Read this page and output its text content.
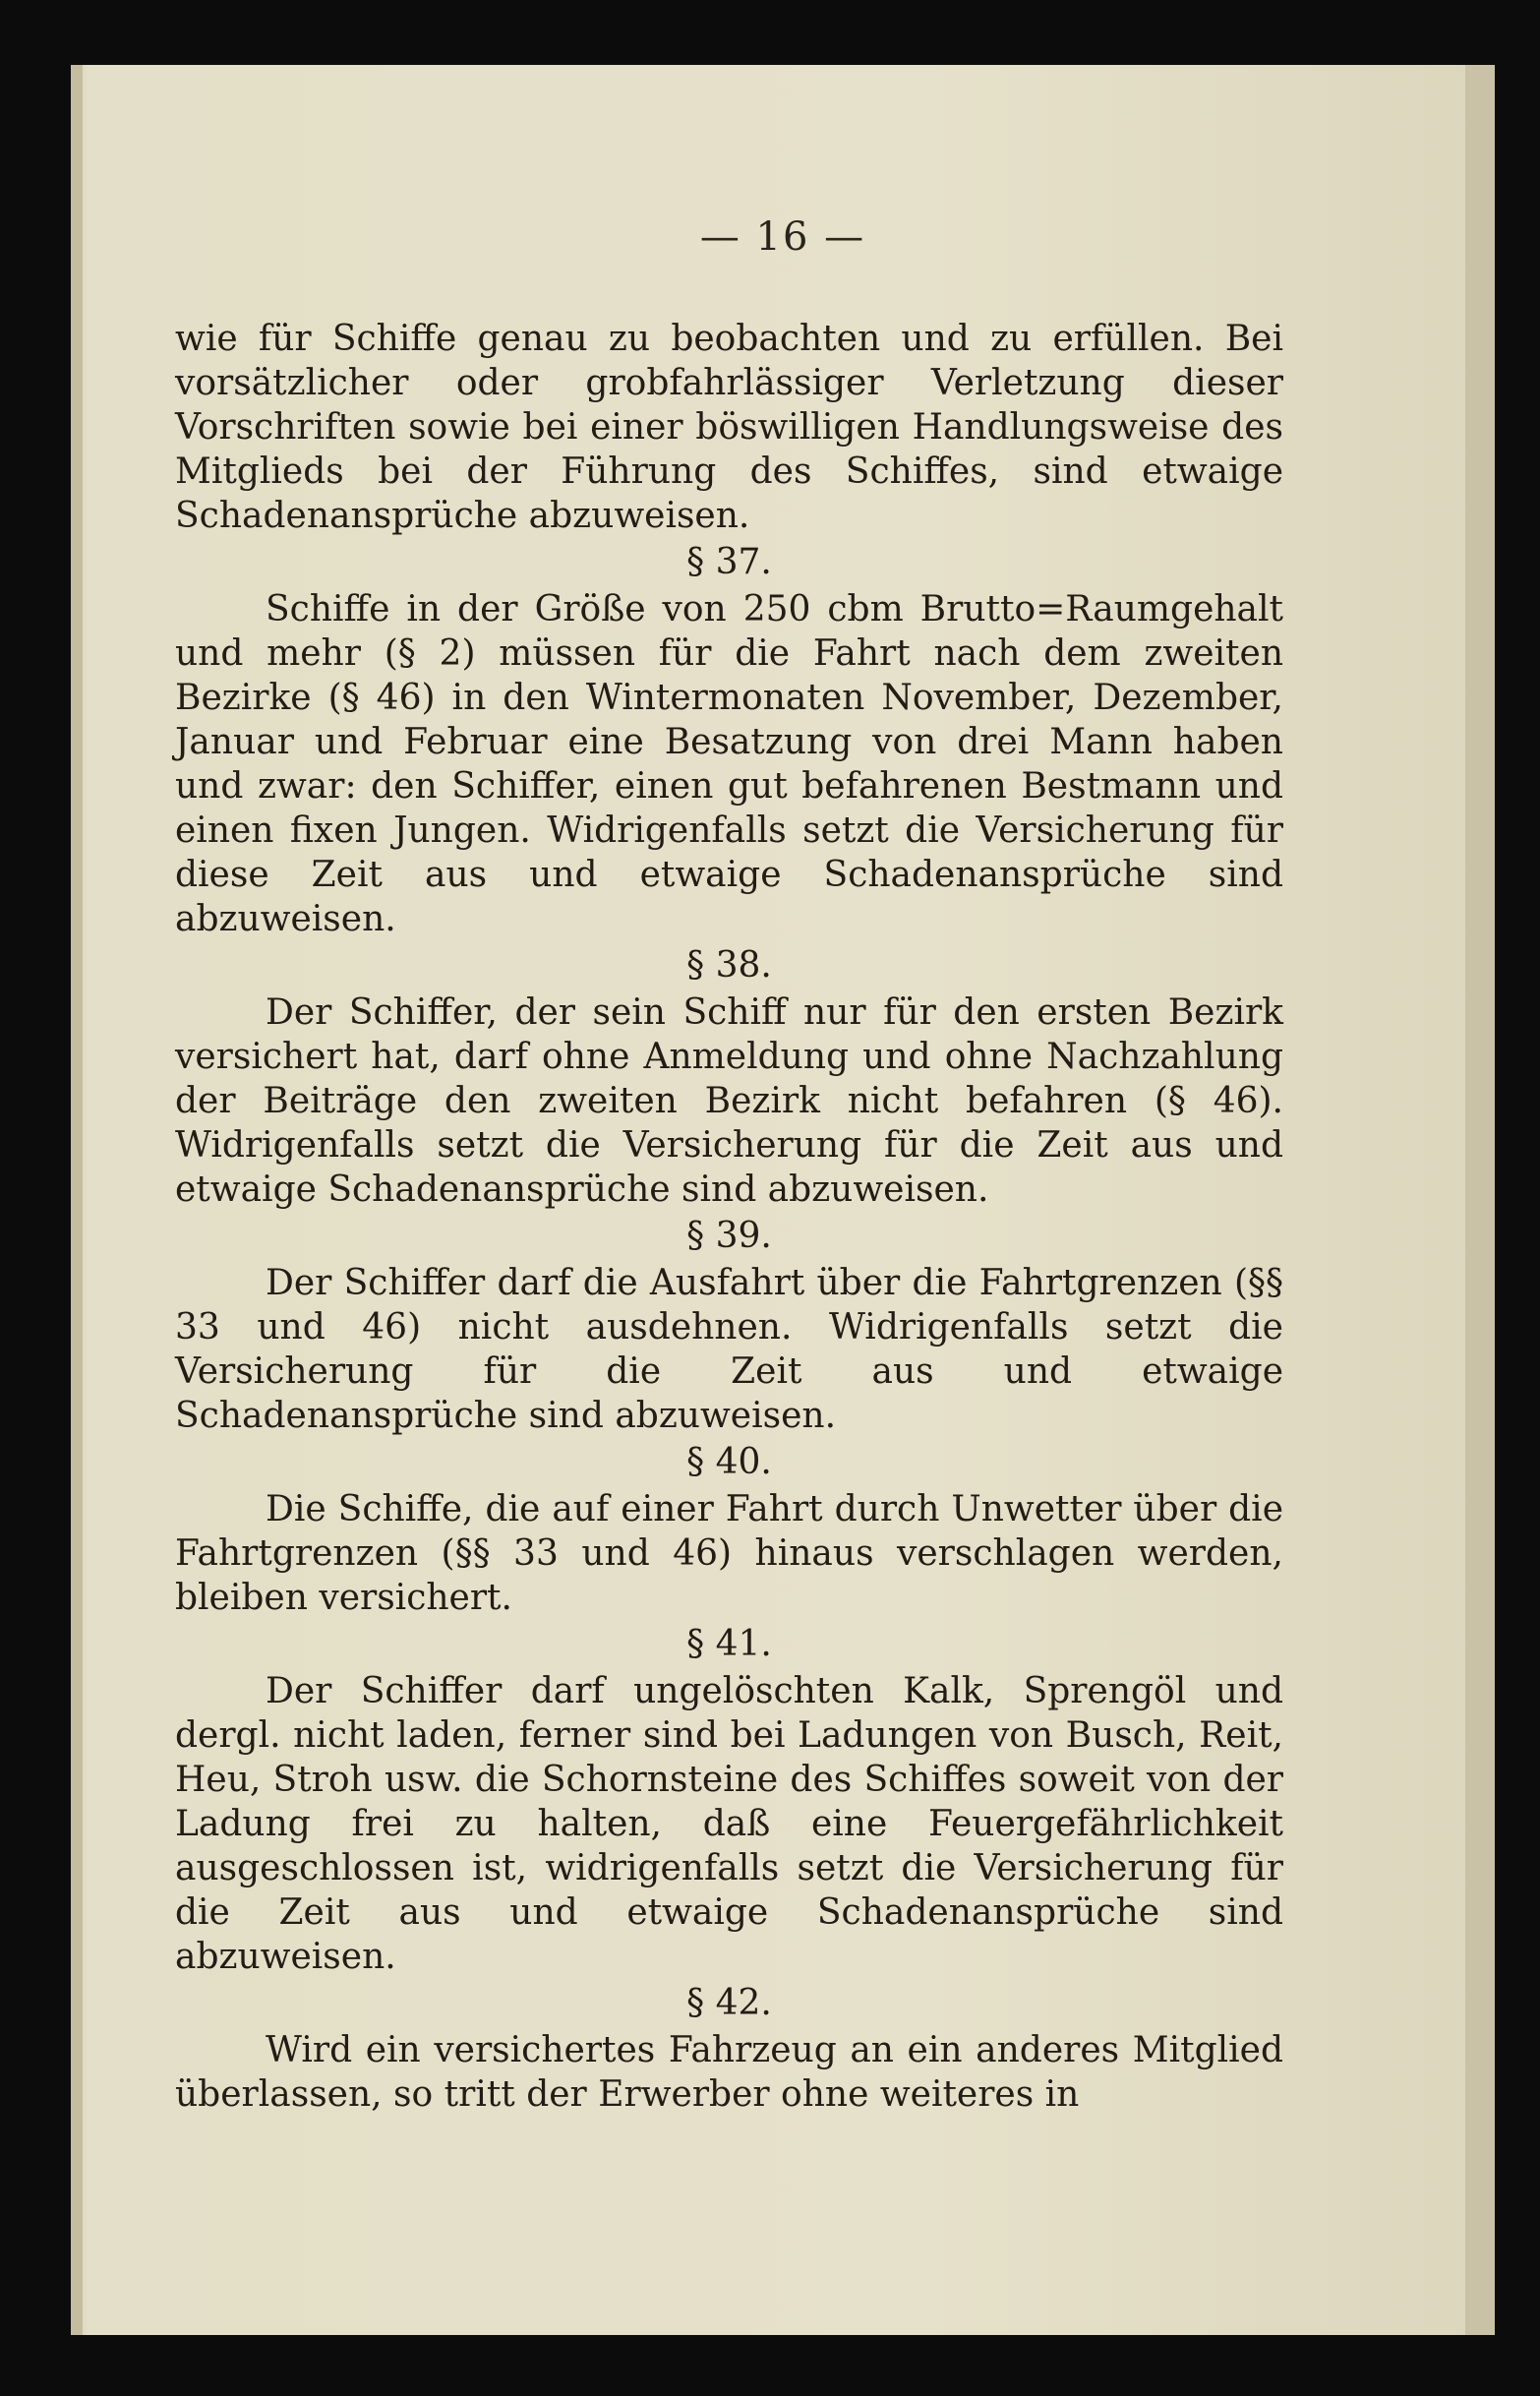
— 16 —

wie für Schiffe genau zu beobachten und zu erfüllen. Bei vorsätzlicher oder grobfahrlässiger Verletzung dieser Vorschriften sowie bei einer böswilligen Handlungsweise des Mitglieds bei der Führung des Schiffes, sind etwaige Schadenansprüche abzuweisen.

§ 37.

Schiffe in der Größe von 250 cbm Brutto=Raumgehalt und mehr (§ 2) müssen für die Fahrt nach dem zweiten Bezirke (§ 46) in den Wintermonaten November, Dezember, Januar und Februar eine Besatzung von drei Mann haben und zwar: den Schiffer, einen gut befahrenen Bestmann und einen fixen Jungen. Widrigenfalls setzt die Versicherung für diese Zeit aus und etwaige Schadenansprüche sind abzuweisen.

§ 38.

Der Schiffer, der sein Schiff nur für den ersten Bezirk versichert hat, darf ohne Anmeldung und ohne Nachzahlung der Beiträge den zweiten Bezirk nicht befahren (§ 46). Widrigenfalls setzt die Versicherung für die Zeit aus und etwaige Schadenansprüche sind abzuweisen.

§ 39.

Der Schiffer darf die Ausfahrt über die Fahrtgrenzen (§§ 33 und 46) nicht ausdehnen. Widrigenfalls setzt die Versicherung für die Zeit aus und etwaige Schadenansprüche sind abzuweisen.

§ 40.

Die Schiffe, die auf einer Fahrt durch Unwetter über die Fahrtgrenzen (§§ 33 und 46) hinaus verschlagen werden, bleiben versichert.

§ 41.

Der Schiffer darf ungelöschten Kalk, Sprengöl und dergl. nicht laden, ferner sind bei Ladungen von Busch, Reit, Heu, Stroh usw. die Schornsteine des Schiffes soweit von der Ladung frei zu halten, daß eine Feuergefährlichkeit ausgeschlossen ist, widrigenfalls setzt die Versicherung für die Zeit aus und etwaige Schadenansprüche sind abzuweisen.

§ 42.

Wird ein versichertes Fahrzeug an ein anderes Mitglied überlassen, so tritt der Erwerber ohne weiteres in
